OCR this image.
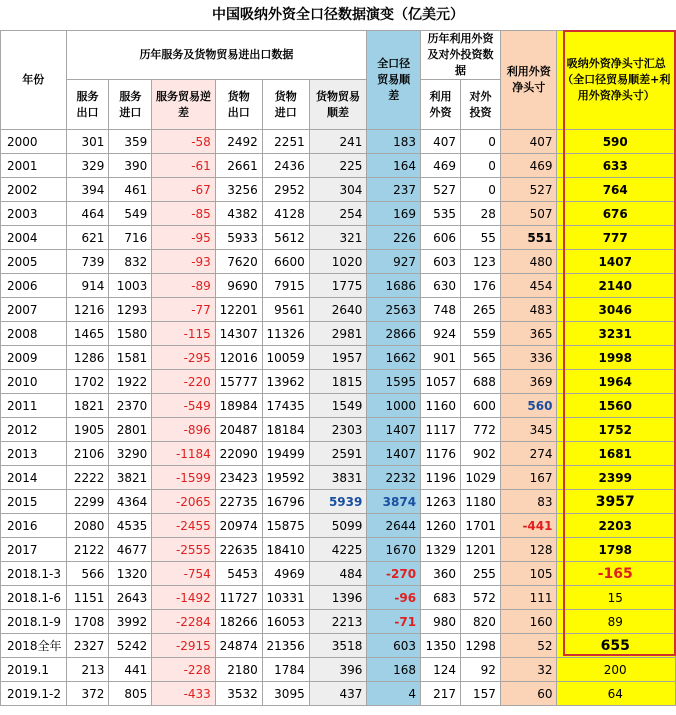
中国吸纳外资全口径数据演变（亿美元）
年份	历年服务及货物贸易进出口数据						全口径贸易顺差	历年利用外资及对外投资数据		利用外资净头寸	吸纳外资净头寸汇总（全口径贸易顺差+利用外资净头寸）
	服务出口	服务进口	服务贸易逆差	货物出口	货物进口	货物贸易顺差		利用外资	对外投资		
2000	301	359	-58	2492	2251	241	183	407	0	407	590
2001	329	390	-61	2661	2436	225	164	469	0	469	633
2002	394	461	-67	3256	2952	304	237	527	0	527	764
2003	464	549	-85	4382	4128	254	169	535	28	507	676
2004	621	716	-95	5933	5612	321	226	606	55	551	777
2005	739	832	-93	7620	6600	1020	927	603	123	480	1407
2006	914	1003	-89	9690	7915	1775	1686	630	176	454	2140
2007	1216	1293	-77	12201	9561	2640	2563	748	265	483	3046
2008	1465	1580	-115	14307	11326	2981	2866	924	559	365	3231
2009	1286	1581	-295	12016	10059	1957	1662	901	565	336	1998
2010	1702	1922	-220	15777	13962	1815	1595	1057	688	369	1964
2011	1821	2370	-549	18984	17435	1549	1000	1160	600	560	1560
2012	1905	2801	-896	20487	18184	2303	1407	1117	772	345	1752
2013	2106	3290	-1184	22090	19499	2591	1407	1176	902	274	1681
2014	2222	3821	-1599	23423	19592	3831	2232	1196	1029	167	2399
2015	2299	4364	-2065	22735	16796	5939	3874	1263	1180	83	3957
2016	2080	4535	-2455	20974	15875	5099	2644	1260	1701	-441	2203
2017	2122	4677	-2555	22635	18410	4225	1670	1329	1201	128	1798
2018.1-3	566	1320	-754	5453	4969	484	-270	360	255	105	-165
2018.1-6	1151	2643	-1492	11727	10331	1396	-96	683	572	111	15
2018.1-9	1708	3992	-2284	18266	16053	2213	-71	980	820	160	89
2018全年	2327	5242	-2915	24874	21356	3518	603	1350	1298	52	655
2019.1	213	441	-228	2180	1784	396	168	124	92	32	200
2019.1-2	372	805	-433	3532	3095	437	4	217	157	60	64
